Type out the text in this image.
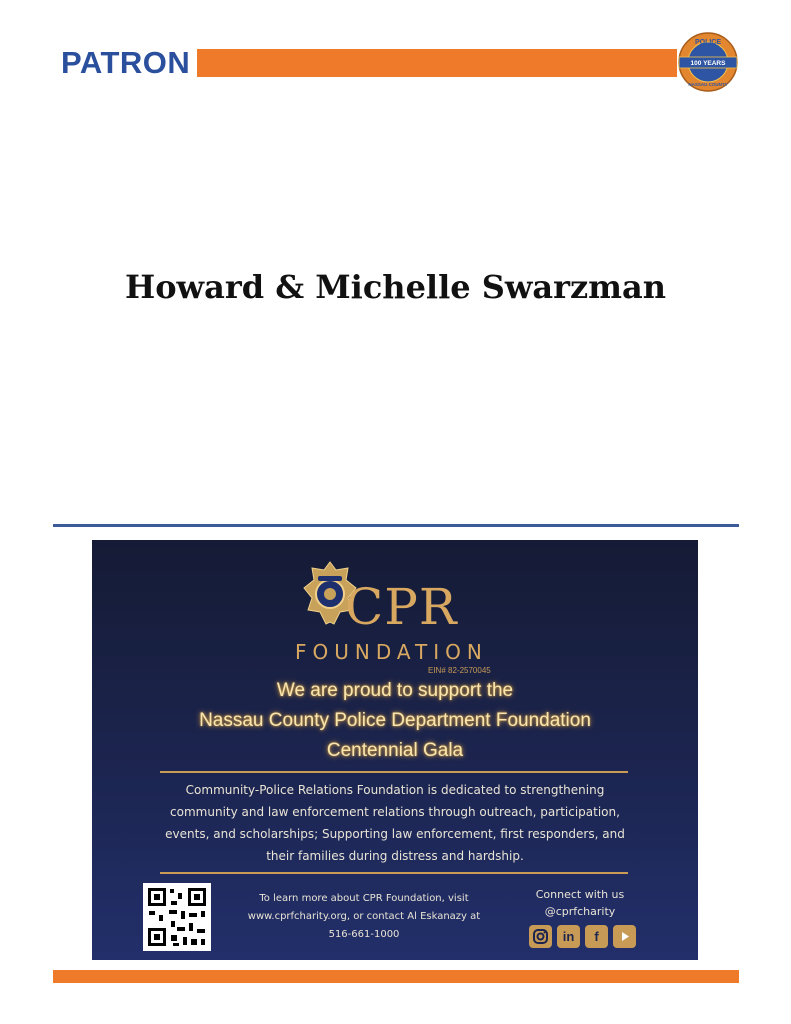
PATRON
POLICE
100 YEARS
NASSAU COUNTY
Howard & Michelle Swarzman
CPR
FOUNDATION
EIN# 82-2570045
We are proud to support the
Nassau County Police Department Foundation
Centennial Gala
Community-Police Relations Foundation is dedicated to strengthening
community and law enforcement relations through outreach, participation,
events, and scholarships; Supporting law enforcement, first responders, and
their families during distress and hardship.
To learn more about CPR Foundation, visit
www.cprfcharity.org, or contact Al Eskanazy at
516-661-1000
Connect with us
@cprfcharity
in	f
